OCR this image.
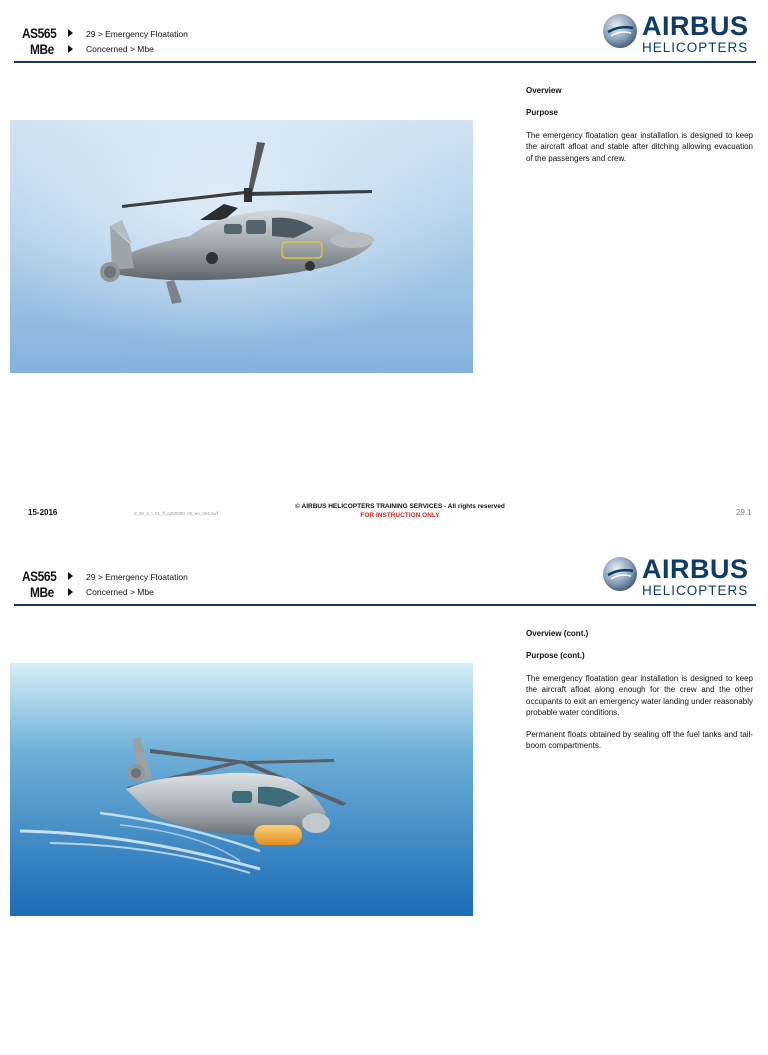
AS565
MBe
29 > Emergency Floatation
Concerned > Mbe
AIRBUS
HELICOPTERS
Overview
Purpose
The emergency floatation gear installation is designed to keep the aircraft afloat and stable after ditching allowing evacuation of the passengers and crew.
15-2016	d_00_a_l_01_fl_a250000_00_en_001.swf
© AIRBUS HELICOPTERS TRAINING SERVICES - All rights reserved
FOR INSTRUCTION ONLY	29.1
AS565
MBe
29 > Emergency Floatation
Concerned > Mbe
AIRBUS
HELICOPTERS
Overview (cont.)
Purpose (cont.)
The emergency floatation gear installation is designed to keep the aircraft afloat along enough for the crew and the other occupants to exit an emergency water landing under reasonably probable water conditions.
Permanent floats obtained by sealing off the fuel tanks and tail-boom compartments.
